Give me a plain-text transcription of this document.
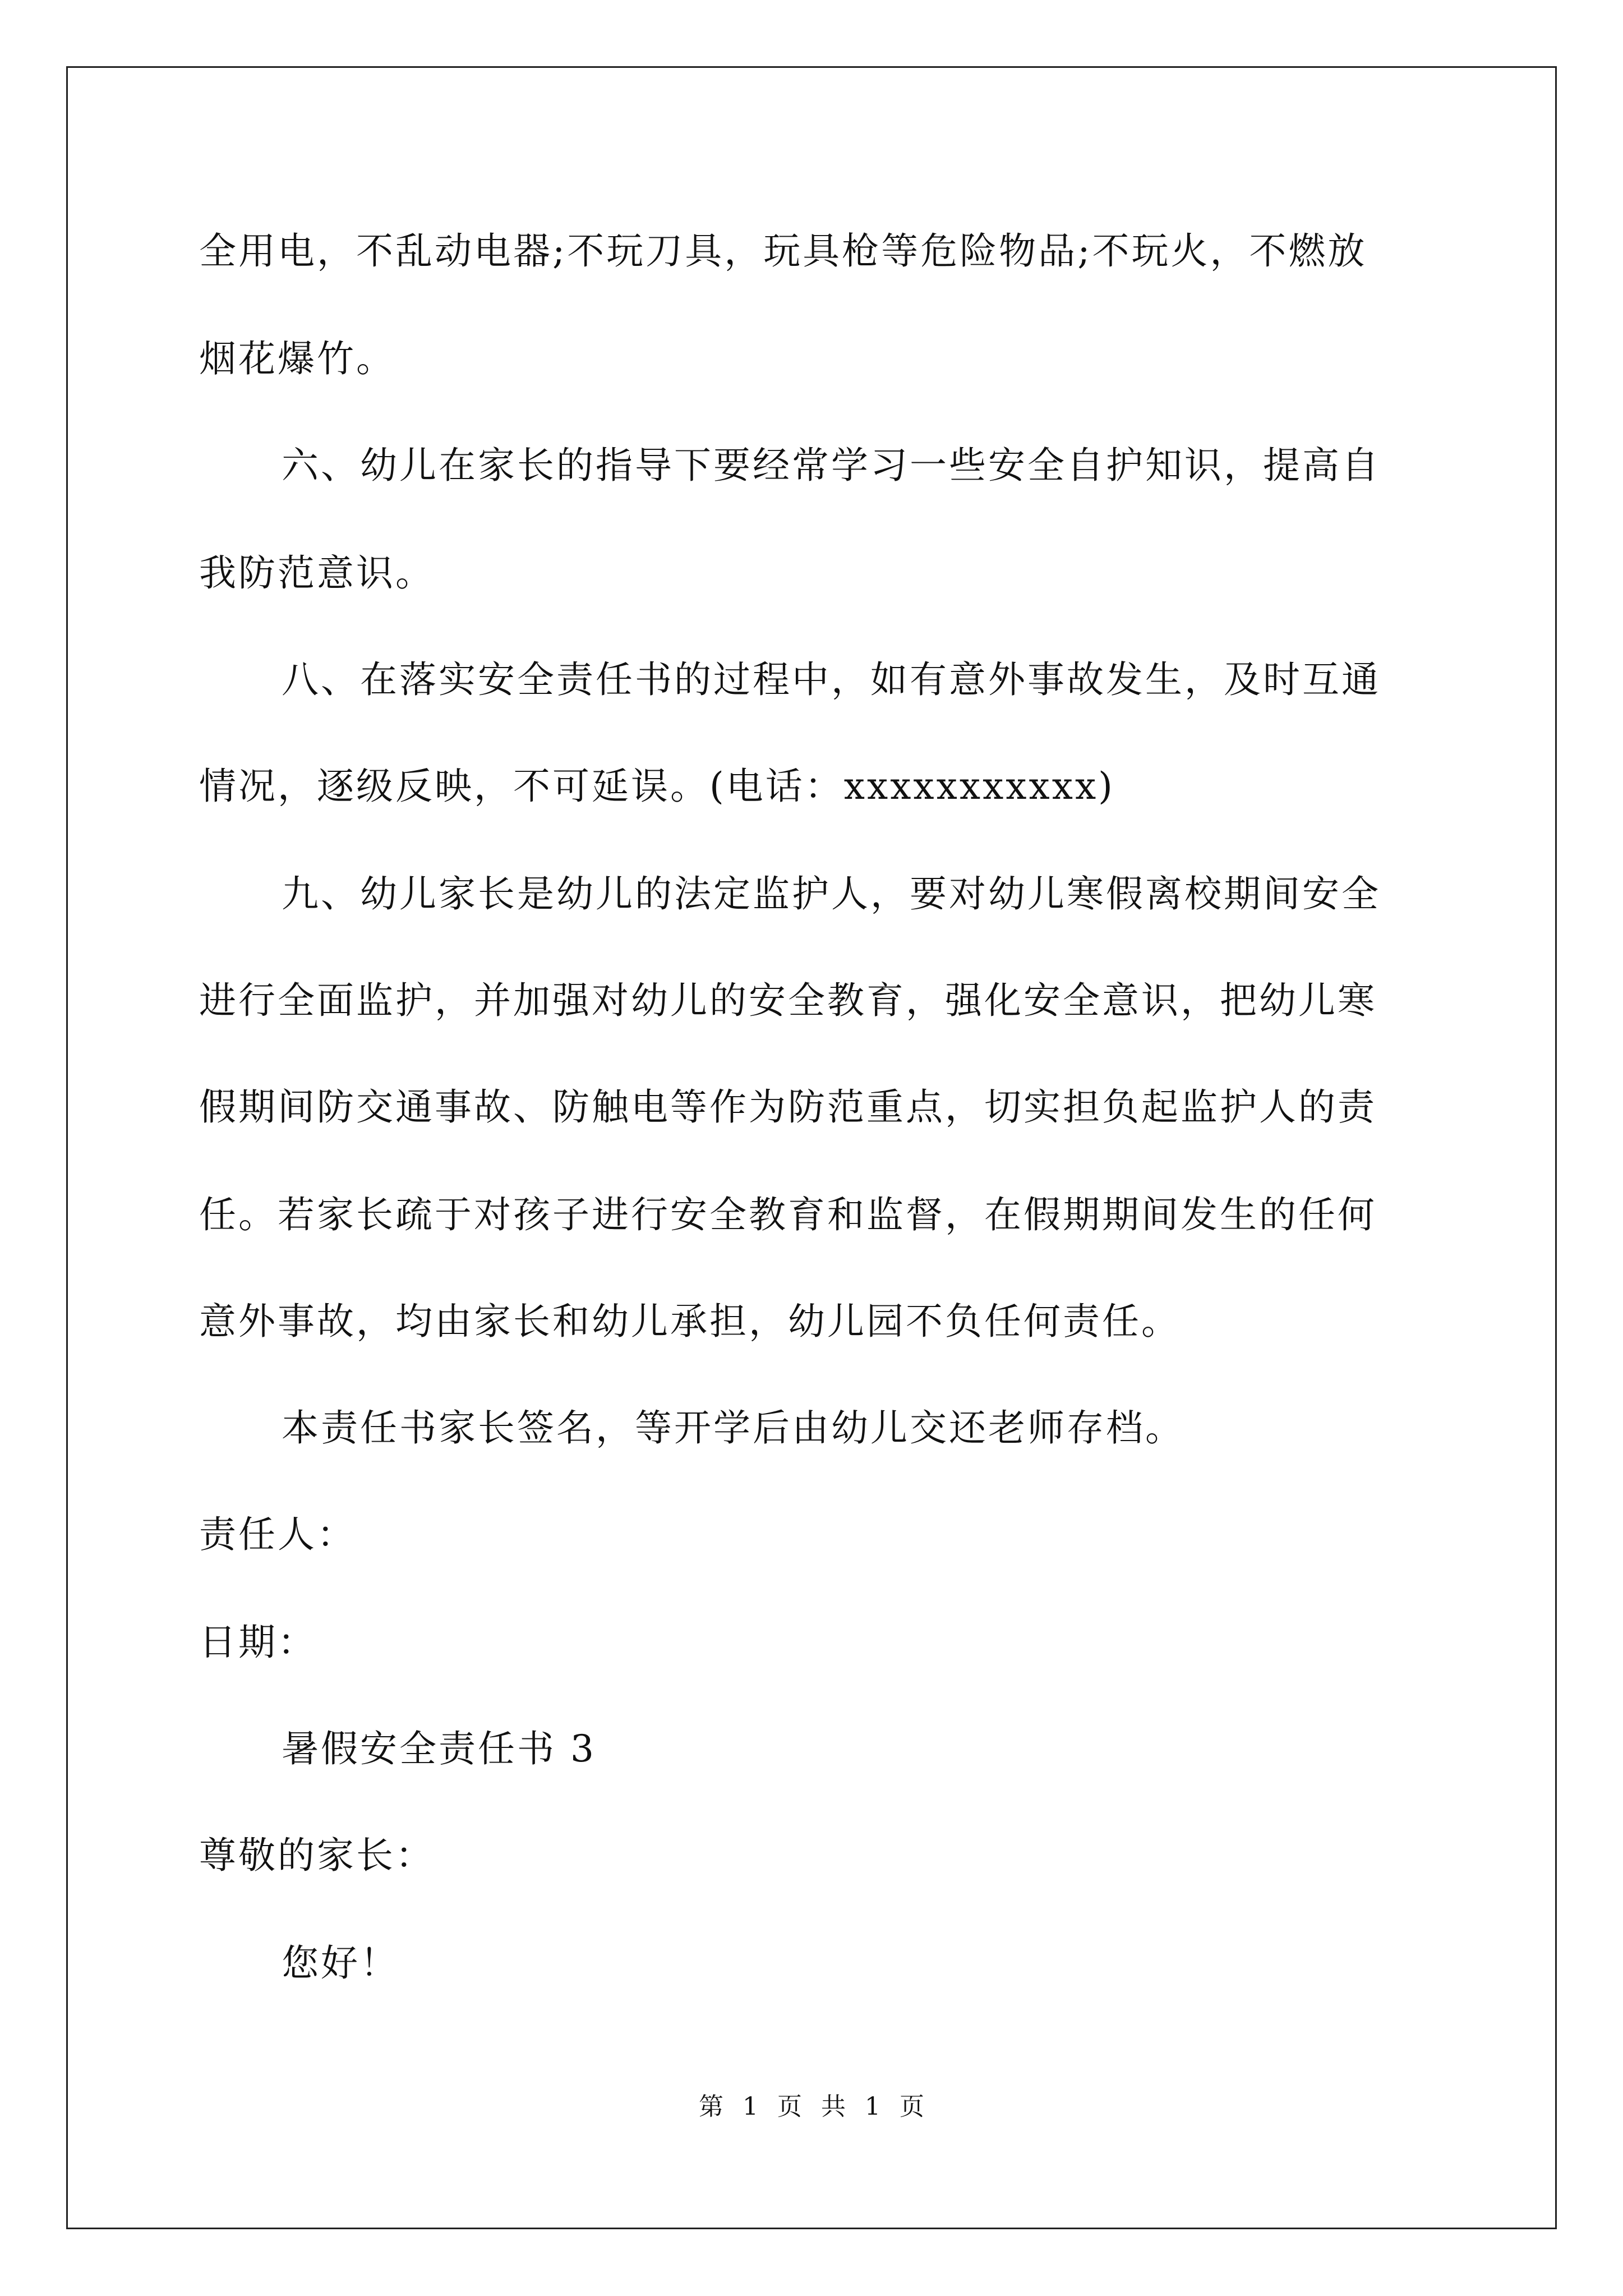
全用电，不乱动电器;不玩刀具，玩具枪等危险物品;不玩火，不燃放
烟花爆竹。
六、幼儿在家长的指导下要经常学习一些安全自护知识，提高自
我防范意识。
八、在落实安全责任书的过程中，如有意外事故发生，及时互通
情况，逐级反映，不可延误。(电话：xxxxxxxxxxx)
九、幼儿家长是幼儿的法定监护人，要对幼儿寒假离校期间安全
进行全面监护，并加强对幼儿的安全教育，强化安全意识，把幼儿寒
假期间防交通事故、防触电等作为防范重点，切实担负起监护人的责
任。若家长疏于对孩子进行安全教育和监督，在假期期间发生的任何
意外事故，均由家长和幼儿承担，幼儿园不负任何责任。
本责任书家长签名，等开学后由幼儿交还老师存档。
责任人：
日期：
暑假安全责任书 3
尊敬的家长：
您好！
第 1 页 共 1 页
